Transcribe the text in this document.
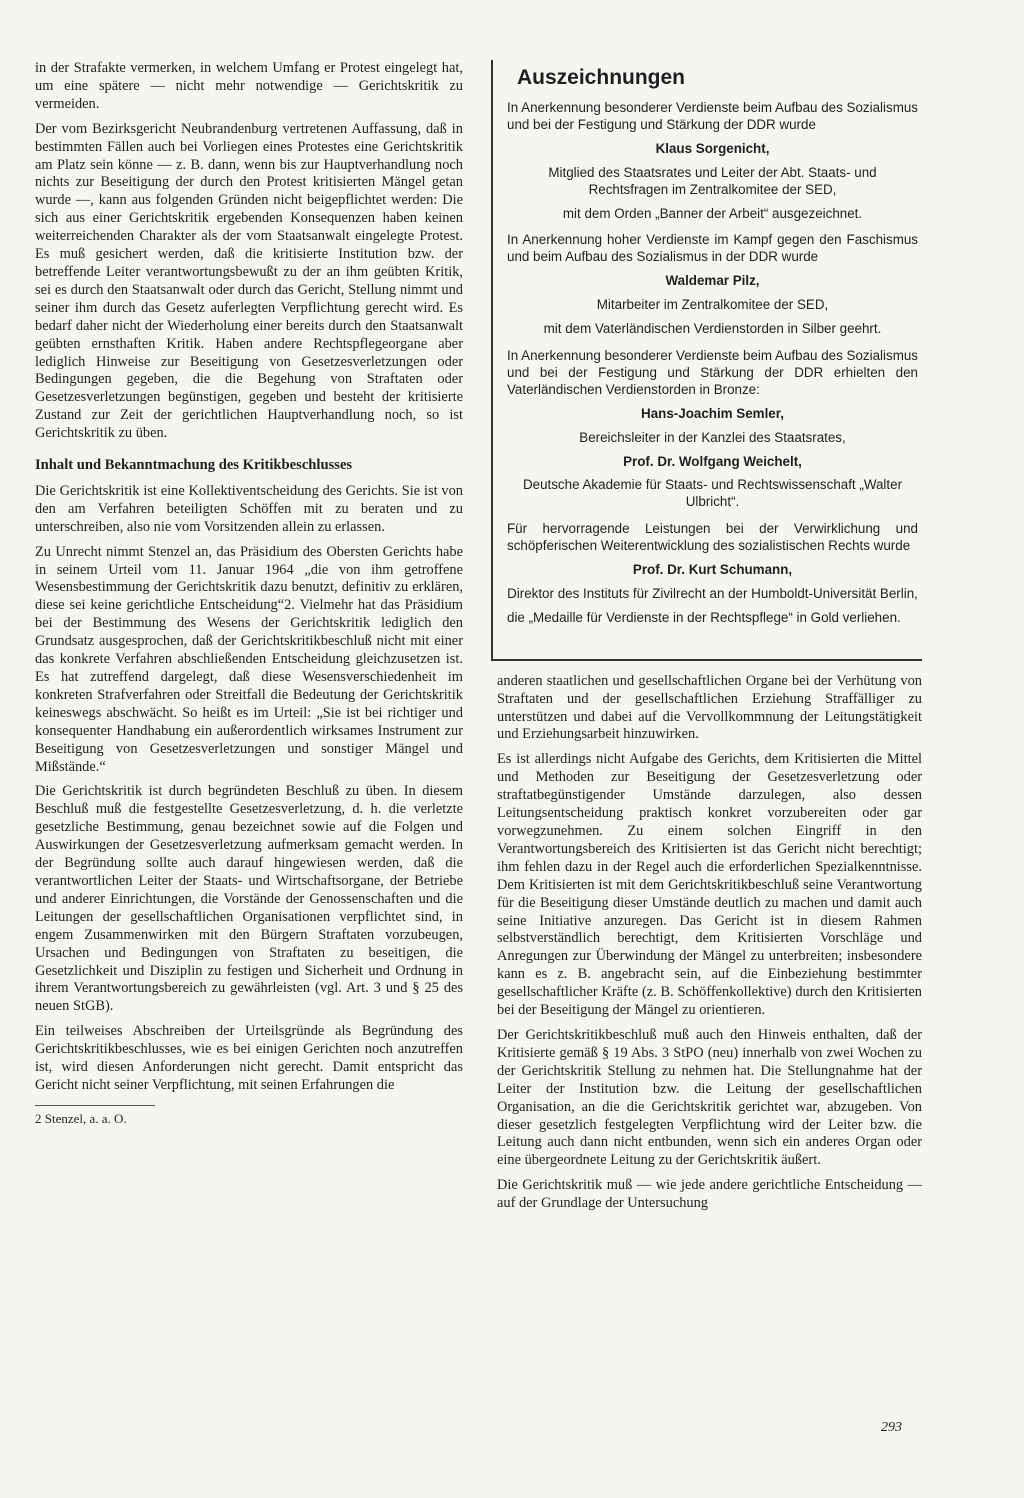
in der Strafakte vermerken, in welchem Umfang er Protest eingelegt hat, um eine spätere — nicht mehr notwendige — Gerichtskritik zu vermeiden.

Der vom Bezirksgericht Neubrandenburg vertretenen Auffassung, daß in bestimmten Fällen auch bei Vorliegen eines Protestes eine Gerichtskritik am Platz sein könne — z. B. dann, wenn bis zur Hauptverhandlung noch nichts zur Beseitigung der durch den Protest kritisierten Mängel getan wurde —, kann aus folgenden Gründen nicht beigepflichtet werden: Die sich aus einer Gerichtskritik ergebenden Konsequenzen haben keinen weiterreichenden Charakter als der vom Staatsanwalt eingelegte Protest. Es muß gesichert werden, daß die kritisierte Institution bzw. der betreffende Leiter verantwortungsbewußt zu der an ihm geübten Kritik, sei es durch den Staatsanwalt oder durch das Gericht, Stellung nimmt und seiner ihm durch das Gesetz auferlegten Verpflichtung gerecht wird. Es bedarf daher nicht der Wiederholung einer bereits durch den Staatsanwalt geübten ernsthaften Kritik. Haben andere Rechtspflegeorgane aber lediglich Hinweise zur Beseitigung von Gesetzesverletzungen oder Bedingungen gegeben, die die Begehung von Straftaten oder Gesetzesverletzungen begünstigen, gegeben und besteht der kritisierte Zustand zur Zeit der gerichtlichen Hauptverhandlung noch, so ist Gerichtskritik zu üben.

Inhalt und Bekanntmachung des Kritikbeschlusses

Die Gerichtskritik ist eine Kollektiventscheidung des Gerichts. Sie ist von den am Verfahren beteiligten Schöffen mit zu beraten und zu unterschreiben, also nie vom Vorsitzenden allein zu erlassen.

Zu Unrecht nimmt Stenzel an, das Präsidium des Obersten Gerichts habe in seinem Urteil vom 11. Januar 1964 „die von ihm getroffene Wesensbestimmung der Gerichtskritik dazu benutzt, definitiv zu erklären, diese sei keine gerichtliche Entscheidung“2. Vielmehr hat das Präsidium bei der Bestimmung des Wesens der Gerichtskritik lediglich den Grundsatz ausgesprochen, daß der Gerichtskritikbeschluß nicht mit einer das konkrete Verfahren abschließenden Entscheidung gleichzusetzen ist. Es hat zutreffend dargelegt, daß diese Wesensverschiedenheit im konkreten Strafverfahren oder Streitfall die Bedeutung der Gerichtskritik keineswegs abschwächt. So heißt es im Urteil: „Sie ist bei richtiger und konsequenter Handhabung ein außerordentlich wirksames Instrument zur Beseitigung von Gesetzesverletzungen und sonstiger Mängel und Mißstände.“

Die Gerichtskritik ist durch begründeten Beschluß zu üben. In diesem Beschluß muß die festgestellte Gesetzesverletzung, d. h. die verletzte gesetzliche Bestimmung, genau bezeichnet sowie auf die Folgen und Auswirkungen der Gesetzesverletzung aufmerksam gemacht werden. In der Begründung sollte auch darauf hingewiesen werden, daß die verantwortlichen Leiter der Staats- und Wirtschaftsorgane, der Betriebe und anderer Einrichtungen, die Vorstände der Genossenschaften und die Leitungen der gesellschaftlichen Organisationen verpflichtet sind, in engem Zusammenwirken mit den Bürgern Straftaten vorzubeugen, Ursachen und Bedingungen von Straftaten zu beseitigen, die Gesetzlichkeit und Disziplin zu festigen und Sicherheit und Ordnung in ihrem Verantwortungsbereich zu gewährleisten (vgl. Art. 3 und § 25 des neuen StGB).

Ein teilweises Abschreiben der Urteilsgründe als Begründung des Gerichtskritikbeschlusses, wie es bei einigen Gerichten noch anzutreffen ist, wird diesen Anforderungen nicht gerecht. Damit entspricht das Gericht nicht seiner Verpflichtung, mit seinen Erfahrungen die

2 Stenzel, a. a. O.

Auszeichnungen

In Anerkennung besonderer Verdienste beim Aufbau des Sozialismus und bei der Festigung und Stärkung der DDR wurde

Klaus Sorgenicht,

Mitglied des Staatsrates und Leiter der Abt. Staats- und Rechtsfragen im Zentralkomitee der SED,

mit dem Orden „Banner der Arbeit“ ausgezeichnet.

In Anerkennung hoher Verdienste im Kampf gegen den Faschismus und beim Aufbau des Sozialismus in der DDR wurde

Waldemar Pilz,

Mitarbeiter im Zentralkomitee der SED,

mit dem Vaterländischen Verdienstorden in Silber geehrt.

In Anerkennung besonderer Verdienste beim Aufbau des Sozialismus und bei der Festigung und Stärkung der DDR erhielten den Vaterländischen Verdienstorden in Bronze:

Hans-Joachim Semler,

Bereichsleiter in der Kanzlei des Staatsrates,

Prof. Dr. Wolfgang Weichelt,

Deutsche Akademie für Staats- und Rechtswissenschaft „Walter Ulbricht“.

Für hervorragende Leistungen bei der Verwirklichung und schöpferischen Weiterentwicklung des sozialistischen Rechts wurde

Prof. Dr. Kurt Schumann,

Direktor des Instituts für Zivilrecht an der Humboldt-Universität Berlin,

die „Medaille für Verdienste in der Rechtspflege“ in Gold verliehen.

anderen staatlichen und gesellschaftlichen Organe bei der Verhütung von Straftaten und der gesellschaftlichen Erziehung Straffälliger zu unterstützen und dabei auf die Vervollkommnung der Leitungstätigkeit und Erziehungsarbeit hinzuwirken.

Es ist allerdings nicht Aufgabe des Gerichts, dem Kritisierten die Mittel und Methoden zur Beseitigung der Gesetzesverletzung oder straftatbegünstigender Umstände darzulegen, also dessen Leitungsentscheidung praktisch konkret vorzubereiten oder gar vorwegzunehmen. Zu einem solchen Eingriff in den Verantwortungsbereich des Kritisierten ist das Gericht nicht berechtigt; ihm fehlen dazu in der Regel auch die erforderlichen Spezialkenntnisse. Dem Kritisierten ist mit dem Gerichtskritikbeschluß seine Verantwortung für die Beseitigung dieser Umstände deutlich zu machen und damit auch seine Initiative anzuregen. Das Gericht ist in diesem Rahmen selbstverständlich berechtigt, dem Kritisierten Vorschläge und Anregungen zur Überwindung der Mängel zu unterbreiten; insbesondere kann es z. B. angebracht sein, auf die Einbeziehung bestimmter gesellschaftlicher Kräfte (z. B. Schöffenkollektive) durch den Kritisierten bei der Beseitigung der Mängel zu orientieren.

Der Gerichtskritikbeschluß muß auch den Hinweis enthalten, daß der Kritisierte gemäß § 19 Abs. 3 StPO (neu) innerhalb von zwei Wochen zu der Gerichtskritik Stellung zu nehmen hat. Die Stellungnahme hat der Leiter der Institution bzw. die Leitung der gesellschaftlichen Organisation, an die die Gerichtskritik gerichtet war, abzugeben. Von dieser gesetzlich festgelegten Verpflichtung wird der Leiter bzw. die Leitung auch dann nicht entbunden, wenn sich ein anderes Organ oder eine übergeordnete Leitung zu der Gerichtskritik äußert.

Die Gerichtskritik muß — wie jede andere gerichtliche Entscheidung — auf der Grundlage der Untersuchung

293
